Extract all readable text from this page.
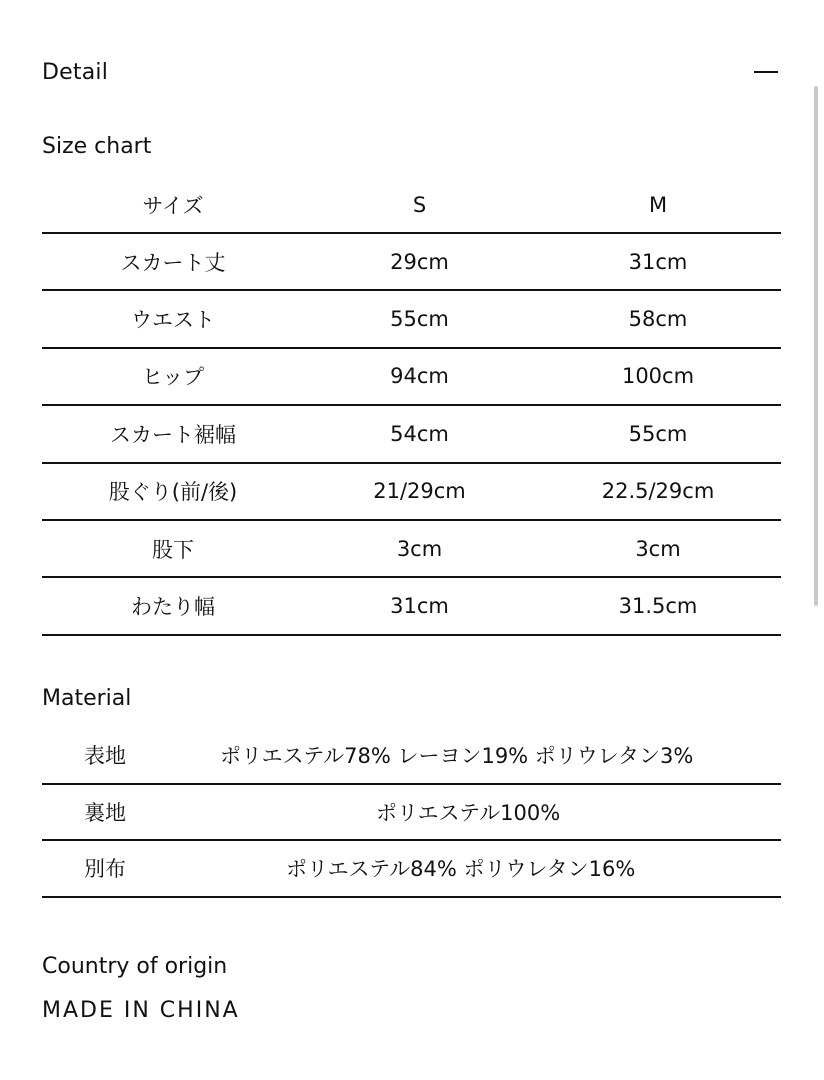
Detail
Size chart
サイズ	S	M
スカート丈	29cm	31cm
ウエスト	55cm	58cm
ヒップ	94cm	100cm
スカート裾幅	54cm	55cm
股ぐり(前/後)	21/29cm	22.5/29cm
股下	3cm	3cm
わたり幅	31cm	31.5cm
Material
表地	ポリエステル78% レーヨン19% ポリウレタン3%
裏地	ポリエステル100%
別布	ポリエステル84% ポリウレタン16%
Country of origin
MADE IN CHINA
